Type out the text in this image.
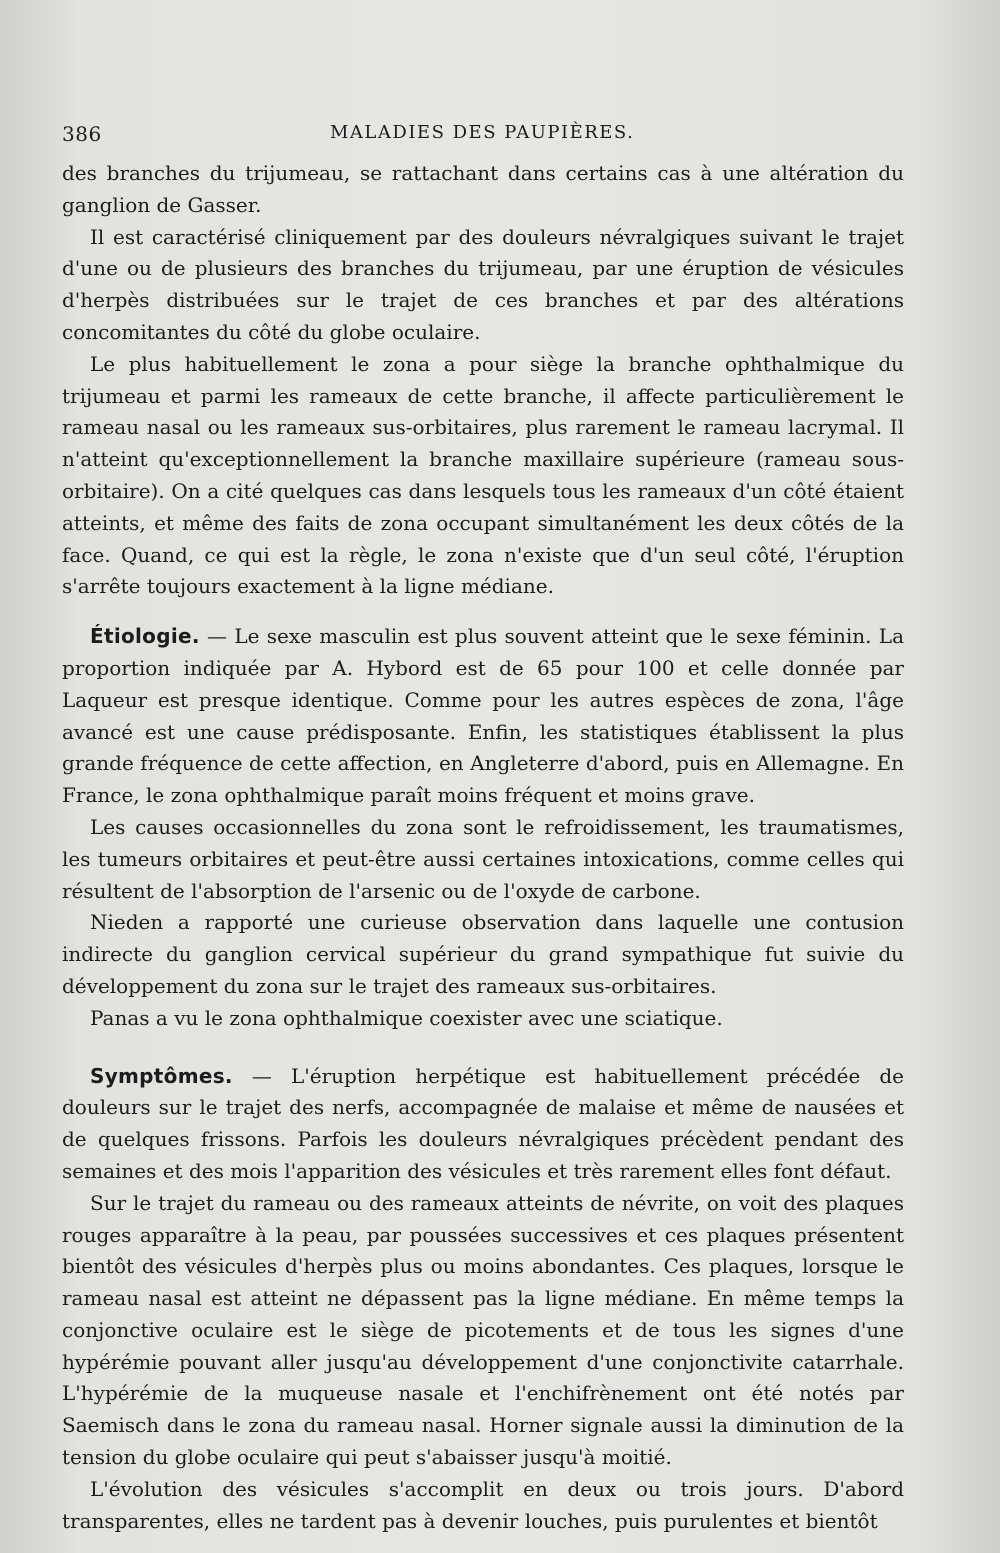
386	MALADIES DES PAUPIÈRES.

des branches du trijumeau, se rattachant dans certains cas à une altération du ganglion de Gasser.

Il est caractérisé cliniquement par des douleurs névralgiques suivant le trajet d'une ou de plusieurs des branches du trijumeau, par une éruption de vésicules d'herpès distribuées sur le trajet de ces branches et par des altérations concomitantes du côté du globe oculaire.

Le plus habituellement le zona a pour siège la branche ophthalmique du trijumeau et parmi les rameaux de cette branche, il affecte particulièrement le rameau nasal ou les rameaux sus-orbitaires, plus rarement le rameau lacrymal. Il n'atteint qu'exceptionnellement la branche maxillaire supérieure (rameau sous-orbitaire). On a cité quelques cas dans lesquels tous les rameaux d'un côté étaient atteints, et même des faits de zona occupant simultanément les deux côtés de la face. Quand, ce qui est la règle, le zona n'existe que d'un seul côté, l'éruption s'arrête toujours exactement à la ligne médiane.

Étiologie. — Le sexe masculin est plus souvent atteint que le sexe féminin. La proportion indiquée par A. Hybord est de 65 pour 100 et celle donnée par Laqueur est presque identique. Comme pour les autres espèces de zona, l'âge avancé est une cause prédisposante. Enfin, les statistiques établissent la plus grande fréquence de cette affection, en Angleterre d'abord, puis en Allemagne. En France, le zona ophthalmique paraît moins fréquent et moins grave.

Les causes occasionnelles du zona sont le refroidissement, les traumatismes, les tumeurs orbitaires et peut-être aussi certaines intoxications, comme celles qui résultent de l'absorption de l'arsenic ou de l'oxyde de carbone.

Nieden a rapporté une curieuse observation dans laquelle une contusion indirecte du ganglion cervical supérieur du grand sympathique fut suivie du développement du zona sur le trajet des rameaux sus-orbitaires.

Panas a vu le zona ophthalmique coexister avec une sciatique.

Symptômes. — L'éruption herpétique est habituellement précédée de douleurs sur le trajet des nerfs, accompagnée de malaise et même de nausées et de quelques frissons. Parfois les douleurs névralgiques précèdent pendant des semaines et des mois l'apparition des vésicules et très rarement elles font défaut.

Sur le trajet du rameau ou des rameaux atteints de névrite, on voit des plaques rouges apparaître à la peau, par poussées successives et ces plaques présentent bientôt des vésicules d'herpès plus ou moins abondantes. Ces plaques, lorsque le rameau nasal est atteint ne dépassent pas la ligne médiane. En même temps la conjonctive oculaire est le siège de picotements et de tous les signes d'une hypérémie pouvant aller jusqu'au développement d'une conjonctivite catarrhale. L'hypérémie de la muqueuse nasale et l'enchifrènement ont été notés par Saemisch dans le zona du rameau nasal. Horner signale aussi la diminution de la tension du globe oculaire qui peut s'abaisser jusqu'à moitié.

L'évolution des vésicules s'accomplit en deux ou trois jours. D'abord transparentes, elles ne tardent pas à devenir louches, puis purulentes et bientôt
